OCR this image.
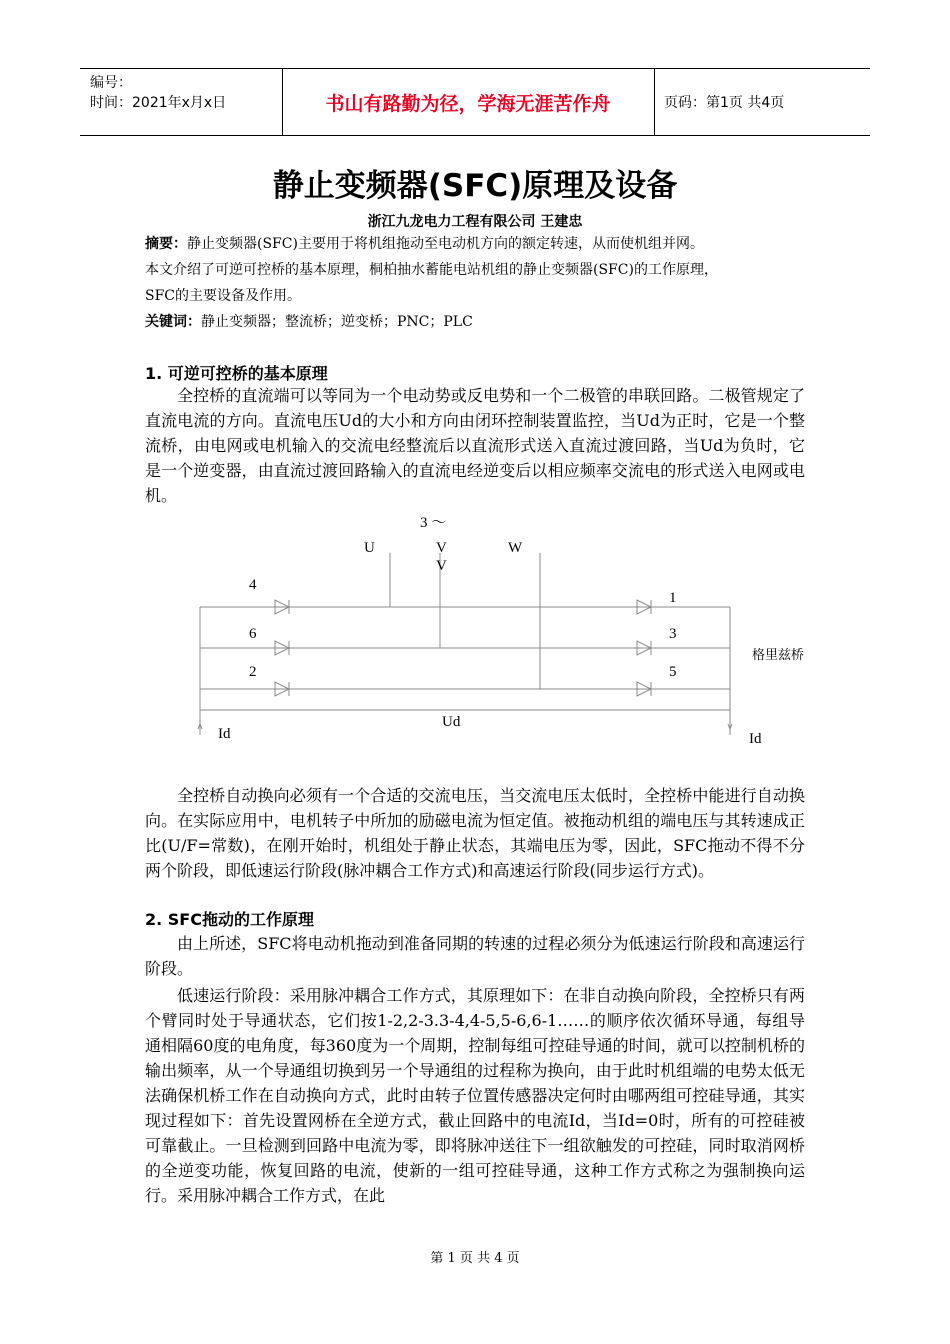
编号：
时间：2021年x月x日	书山有路勤为径，学海无涯苦作舟	页码：第1页 共4页
静止变频器(SFC)原理及设备
浙江九龙电力工程有限公司 王建忠
摘要：静止变频器(SFC)主要用于将机组拖动至电动机方向的额定转速，从而使机组并网。
本文介绍了可逆可控桥的基本原理，桐柏抽水蓄能电站机组的静止变频器(SFC)的工作原理，
SFC的主要设备及作用。
关键词：静止变频器；整流桥；逆变桥；PNC；PLC
1. 可逆可控桥的基本原理
全控桥的直流端可以等同为一个电动势或反电势和一个二极管的串联回路。二极管规定了直流电流的方向。直流电压Ud的大小和方向由闭环控制装置监控，当Ud为正时，它是一个整流桥，由电网或电机输入的交流电经整流后以直流形式送入直流过渡回路，当Ud为负时，它是一个逆变器，由直流过渡回路输入的直流电经逆变后以相应频率交流电的形式送入电网或电机。
3 ～
U	V
V
W
4
6
2
1
3
5
Ud
Id	Id
格里兹桥
全控桥自动换向必须有一个合适的交流电压，当交流电压太低时，全控桥中能进行自动换向。在实际应用中，电机转子中所加的励磁电流为恒定值。被拖动机组的端电压与其转速成正比(U/F=常数)，在刚开始时，机组处于静止状态，其端电压为零，因此，SFC拖动不得不分两个阶段，即低速运行阶段(脉冲耦合工作方式)和高速运行阶段(同步运行方式)。
2. SFC拖动的工作原理
由上所述，SFC将电动机拖动到准备同期的转速的过程必须分为低速运行阶段和高速运行阶段。
低速运行阶段：采用脉冲耦合工作方式，其原理如下：在非自动换向阶段，全控桥只有两个臂同时处于导通状态，它们按1-2,2-3.3-4,4-5,5-6,6-1……的顺序依次循环导通，每组导通相隔60度的电角度，每360度为一个周期，控制每组可控硅导通的时间，就可以控制机桥的输出频率，从一个导通组切换到另一个导通组的过程称为换向，由于此时机组端的电势太低无法确保机桥工作在自动换向方式，此时由转子位置传感器决定何时由哪两组可控硅导通，其实现过程如下：首先设置网桥在全逆方式，截止回路中的电流Id，当Id=0时，所有的可控硅被可靠截止。一旦检测到回路中电流为零，即将脉冲送往下一组欲触发的可控硅，同时取消网桥的全逆变功能，恢复回路的电流，使新的一组可控硅导通，这种工作方式称之为强制换向运行。采用脉冲耦合工作方式，在此
第 1 页 共 4 页
